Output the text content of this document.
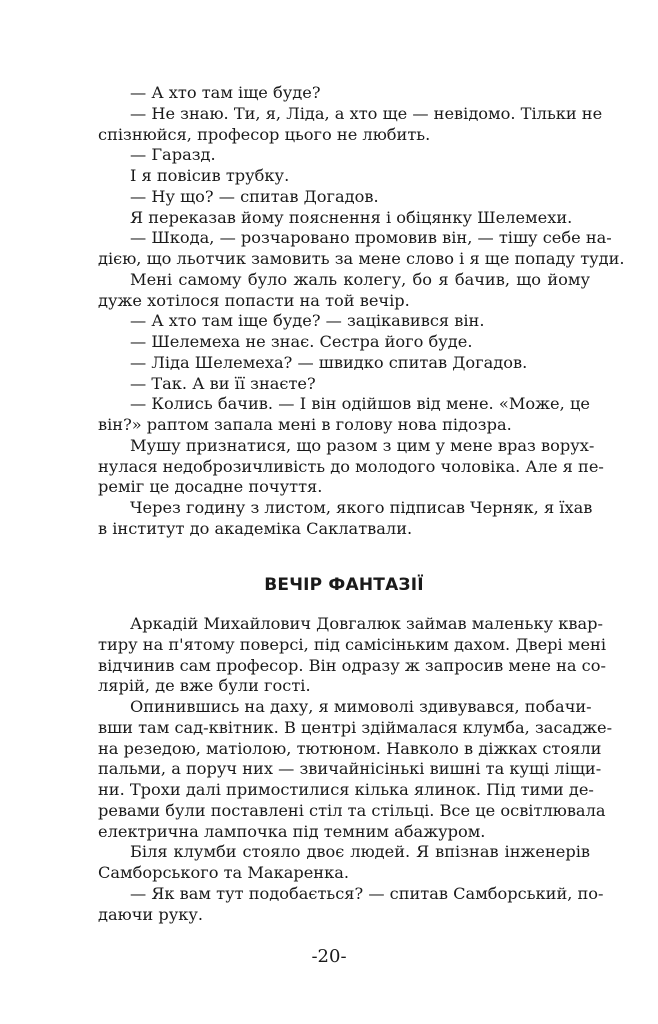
— А хто там іще буде?
— Не знаю. Ти, я, Ліда, а хто ще — невідомо. Тільки не
спізнюйся, професор цього не любить.
— Гаразд.
І я повісив трубку.
— Ну що? — спитав Догадов.
Я переказав йому пояснення і обіцянку Шелемехи.
— Шкода, — розчаровано промовив він, — тішу себе на-
дією, що льотчик замовить за мене слово і я ще попаду туди.
Мені самому було жаль колегу, бо я бачив, що йому
дуже хотілося попасти на той вечір.
— А хто там іще буде? — зацікавився він.
— Шелемеха не знає. Сестра його буде.
— Ліда Шелемеха? — швидко спитав Догадов.
— Так. А ви її знаєте?
— Колись бачив. — І він одійшов від мене. «Може, це
він?» раптом запала мені в голову нова підозра.
Мушу признатися, що разом з цим у мене враз ворух-
нулася недоброзичливість до молодого чоловіка. Але я пе-
реміг це досадне почуття.
Через годину з листом, якого підписав Черняк, я їхав
в інститут до академіка Саклатвали.
ВЕЧІР ФАНТАЗІЇ
Аркадій Михайлович Довгалюк займав маленьку квар-
тиру на п'ятому поверсі, під самісіньким дахом. Двері мені
відчинив сам професор. Він одразу ж запросив мене на со-
лярій, де вже були гості.
Опинившись на даху, я мимоволі здивувався, побачи-
вши там сад-квітник. В центрі здіймалася клумба, засадже-
на резедою, матіолою, тютюном. Навколо в діжках стояли
пальми, а поруч них — звичайнісінькі вишні та кущі ліщи-
ни. Трохи далі примостилися кілька ялинок. Під тими де-
ревами були поставлені стіл та стільці. Все це освітлювала
електрична лампочка під темним абажуром.
Біля клумби стояло двоє людей. Я впізнав інженерів
Самборського та Макаренка.
— Як вам тут подобається? — спитав Самборський, по-
даючи руку.
-20-
